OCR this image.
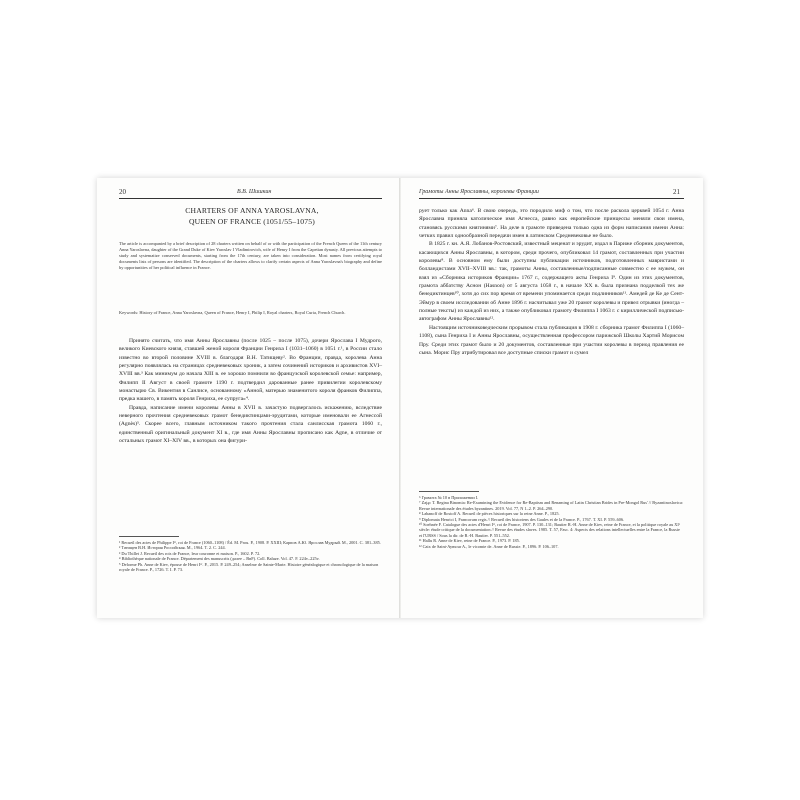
20	В.В. Шишкин
CHARTERS OF ANNA YAROSLAVNA,
QUEEN OF FRANCE (1051/55–1075)
The article is accompanied by a brief description of 28 charters written on behalf of or with the participation of the French Queen of the 11th century Anna Yaroslavna, daughter of the Grand Duke of Kiev Yaroslav I Vladimirovich, wife of Henry I from the Capetian dynasty. All previous attempts to study and systematize conserved documents, starting from the 17th century, are taken into consideration. Most names from certifying royal documents lists of persons are identified. The description of the charters allows to clarify certain aspects of Anna Yaroslavna's biography and define by opportunities of her political influence in France.
Keywords: History of France, Anna Yaroslavna, Queen of France, Henry I, Philip I, Royal charters, Royal Curia, French Church.

Принято считать, что имя Анны Ярославны (после 1025 – после 1075), дочери Ярослава I Мудрого, великого Киевского князя, ставшей женой короля Франции Генриха I (1031–1060) в 1051 г.¹, в России стало известно во второй половине XVIII в. благодаря В.Н. Татищеву². Во Франции, правда, королева Анна регулярно появлялась на страницах средневековых хроник, а затем сочинений историков и архивистов XVI–XVIII вв.³ Как минимум до начала XIII в. ее хорошо помнили во французской королевской семье: например, Филипп II Август в своей грамоте 1190 г. подтвердил дарованные ранее привилегии королевскому монастырю Св. Викентия в Санлисе, основанному «Анной, матерью знаменитого короля франков Филиппа, предка нашего, в память короля Генриха, ее супруга»⁴.

Правда, написание имени королевы Анны в XVII в. зачастую подвергалось искажению, вследствие неверного прочтения средневековых грамот бенедиктинцами-эрудитами, которые именовали ее Агнессой (Agnès)⁵. Скорее всего, главным источником такого прочтения стала санлисская грамота 1060 г., единственный оригинальный документ XI в., где имя Анны Ярославны прописано как Agne, в отличие от остальных грамот XI–XIV вв., в которых она фигури-

¹ Recueil des actes de Philippe Iᵉʳ, roi de France (1060–1108) / Éd. M. Prou. P., 1908. P. XXIII; Карпов А.Ю. Ярослав Мудрый. М., 2001. С. 381–385.

² Татищев В.Н. История Российская. М., 1964. Т. 2. С. 244.

³ Du Thillet J. Recueil des rois de France, leur couronne et maison. P., 1602. P. 72.

⁴ Bibliothèque nationale de France. Département des manuscrits (далее – BnF). Coll. Baluze. Vol. 47. F. 224v–225v.

⁵ Delorme Ph. Anne de Kiev, épouse de Henri Iᵉʳ. P., 2015. P. 249–254; Anselme de Sainte-Marie. Histoire généalogique et chronologique de la maison royale de France. P., 1726. T. I. P. 73.

Грамоты Анны Ярославны, королевы Франции	21

рует только как Anna⁶. В свою очередь, это породило миф о том, что после раскола церквей 1054 г. Анна Ярославна приняла католическое имя Агнесса, равно как европейские принцессы меняли свои имена, становясь русскими княгинями⁷. На деле в грамоте приведена только одна из форм написания имени Анна: четких правил однообразной передачи имен в латинском Средневековье не было.

В 1825 г. кн. А.Я. Лобанов-Ростовский, известный меценат и эрудит, издал в Париже сборник документов, касающихся Анны Ярославны, в котором, среди прочего, опубликовал 14 грамот, составленных при участии королевы⁸. В основном ему были доступны публикации источников, подготовленных мавристами и болландистами XVII–XVIII вв.: так, грамоты Анны, составленные/подписанные совместно с ее мужем, он взял из «Сборника историков Франции» 1767 г., содержащего акты Генриха I⁹. Один из этих документов, грамота аббатству Аснон (Hasnon) от 5 августа 1058 г., в начале XX в. была признана подделкой тех же бенедиктинцев¹⁰, хотя до сих пор время от времени упоминается среди подлинников¹¹. Амедей де Ке де Сент-Эймур в своем исследовании об Анне 1896 г. насчитывал уже 20 грамот королевы и привел отрывки (иногда – полные тексты) из каждой из них, а также опубликовал грамоту Филиппа I 1063 г. с кириллической подписью-автографом Анны Ярославны¹².

Настоящим источниковедческим прорывом стала публикация в 1908 г. сборника грамот Филиппа I (1060–1108), сына Генриха I и Анны Ярославны, осуществленная профессором парижской Школы Хартий Морисом Пру. Среди этих грамот было и 20 документов, составленные при участии королевы в период правления ее сына. Морис Пру атрибутировал все доступные списки грамот и сумел

⁶ Грамота № 10 в Приложении I.

⁷ Zając T. Regina Binomia: Re-Examining the Evidence for Re-Baptism and Renaming of Latin Christian Brides in Pre-Mongol Rus' // Byzantinoslavica: Revue internationale des études byzantines. 2019. Vol. 77, N 1–2. P. 264–290.

⁸ Labanoff de Rostoff A. Recueil de pièces historiques sur la reine Anne. P., 1825.

⁹ Diplomata Henrici I, Francorum regis // Recueil des historiens des Gaules et de la France. P., 1767. T. XI. P. 559–606.

¹⁰ Soehnée F. Catalogue des actes d'Henri Iᵉʳ, roi de France, 1907. P. 130–131; Bautier R.-H. Anne de Kiev, reine de France, et la politique royale au XIᵉ siècle: étude critique de la documentation // Revue des études slaves. 1985. T. 57, Fasc. 4: Aspects des relations intellectuelles entre la France, la Russie et l'URSS / Sous la dir. de R.-H. Bautier. P. 551–552.

¹¹ Hallu R. Anne de Kiev, reine de France. P., 1973. P. 185.

¹² Caix de Saint-Aymour A., le vicomte de. Anne de Russie. P., 1896. P. 106–107.
